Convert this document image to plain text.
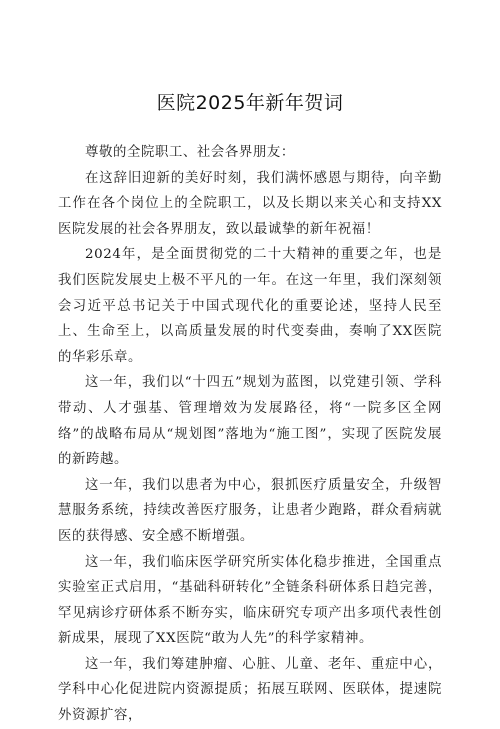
医院2025年新年贺词

尊敬的全院职工、社会各界朋友：

在这辞旧迎新的美好时刻，我们满怀感恩与期待，向辛勤工作在各个岗位上的全院职工，以及长期以来关心和支持XX医院发展的社会各界朋友，致以最诚挚的新年祝福！

2024年，是全面贯彻党的二十大精神的重要之年，也是我们医院发展史上极不平凡的一年。在这一年里，我们深刻领会习近平总书记关于中国式现代化的重要论述，坚持人民至上、生命至上，以高质量发展的时代变奏曲，奏响了XX医院的华彩乐章。

这一年，我们以“十四五”规划为蓝图，以党建引领、学科带动、人才强基、管理增效为发展路径，将“一院多区全网络”的战略布局从“规划图”落地为“施工图”，实现了医院发展的新跨越。

这一年，我们以患者为中心，狠抓医疗质量安全，升级智慧服务系统，持续改善医疗服务，让患者少跑路，群众看病就医的获得感、安全感不断增强。

这一年，我们临床医学研究所实体化稳步推进，全国重点实验室正式启用，“基础科研转化”全链条科研体系日趋完善，罕见病诊疗研体系不断夯实，临床研究专项产出多项代表性创新成果，展现了XX医院“敢为人先”的科学家精神。

这一年，我们筹建肿瘤、心脏、儿童、老年、重症中心，学科中心化促进院内资源提质；拓展互联网、医联体，提速院外资源扩容，
